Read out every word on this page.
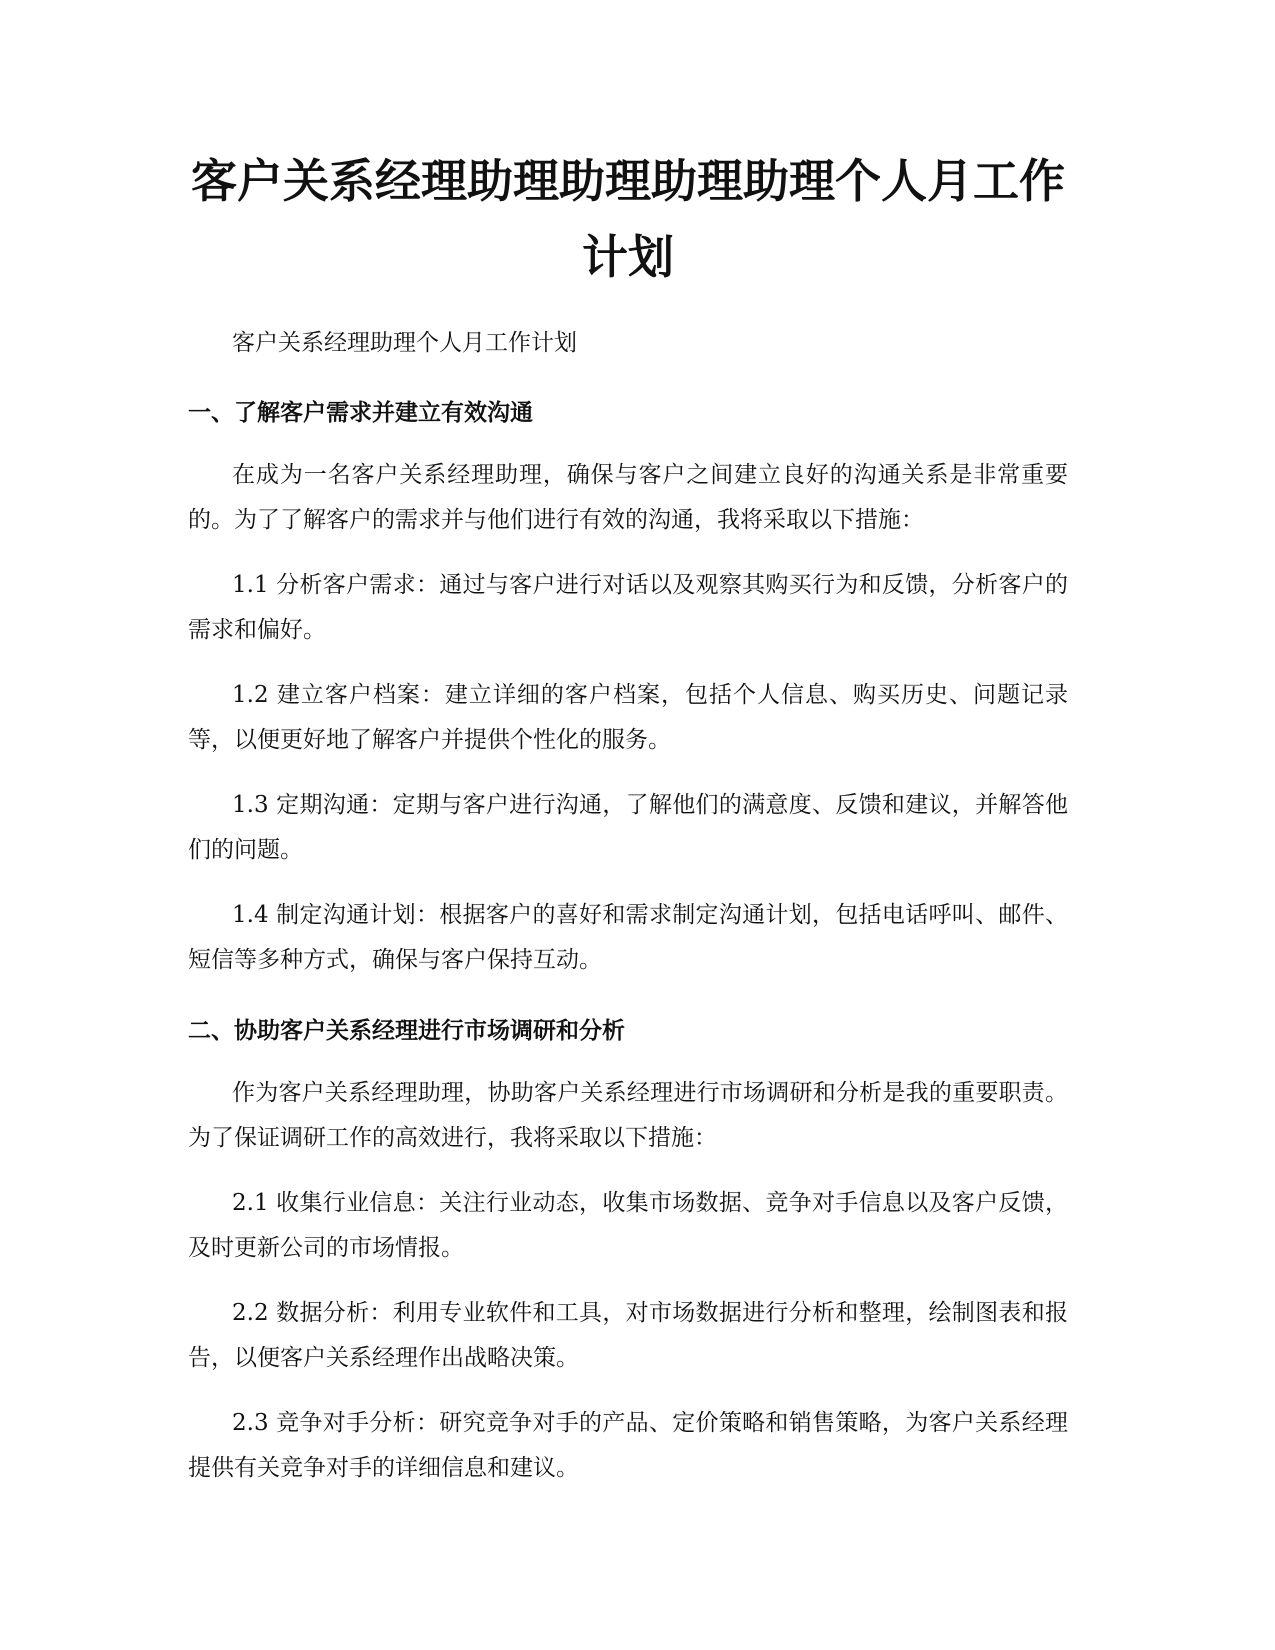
客户关系经理助理助理助理助理个人月工作计划

客户关系经理助理个人月工作计划

一、了解客户需求并建立有效沟通

在成为一名客户关系经理助理，确保与客户之间建立良好的沟通关系是非常重要的。为了了解客户的需求并与他们进行有效的沟通，我将采取以下措施：

1.1 分析客户需求：通过与客户进行对话以及观察其购买行为和反馈，分析客户的需求和偏好。

1.2 建立客户档案：建立详细的客户档案，包括个人信息、购买历史、问题记录等，以便更好地了解客户并提供个性化的服务。

1.3 定期沟通：定期与客户进行沟通，了解他们的满意度、反馈和建议，并解答他们的问题。

1.4 制定沟通计划：根据客户的喜好和需求制定沟通计划，包括电话呼叫、邮件、短信等多种方式，确保与客户保持互动。

二、协助客户关系经理进行市场调研和分析

作为客户关系经理助理，协助客户关系经理进行市场调研和分析是我的重要职责。为了保证调研工作的高效进行，我将采取以下措施：

2.1 收集行业信息：关注行业动态，收集市场数据、竞争对手信息以及客户反馈，及时更新公司的市场情报。

2.2 数据分析：利用专业软件和工具，对市场数据进行分析和整理，绘制图表和报告，以便客户关系经理作出战略决策。

2.3 竞争对手分析：研究竞争对手的产品、定价策略和销售策略，为客户关系经理提供有关竞争对手的详细信息和建议。
